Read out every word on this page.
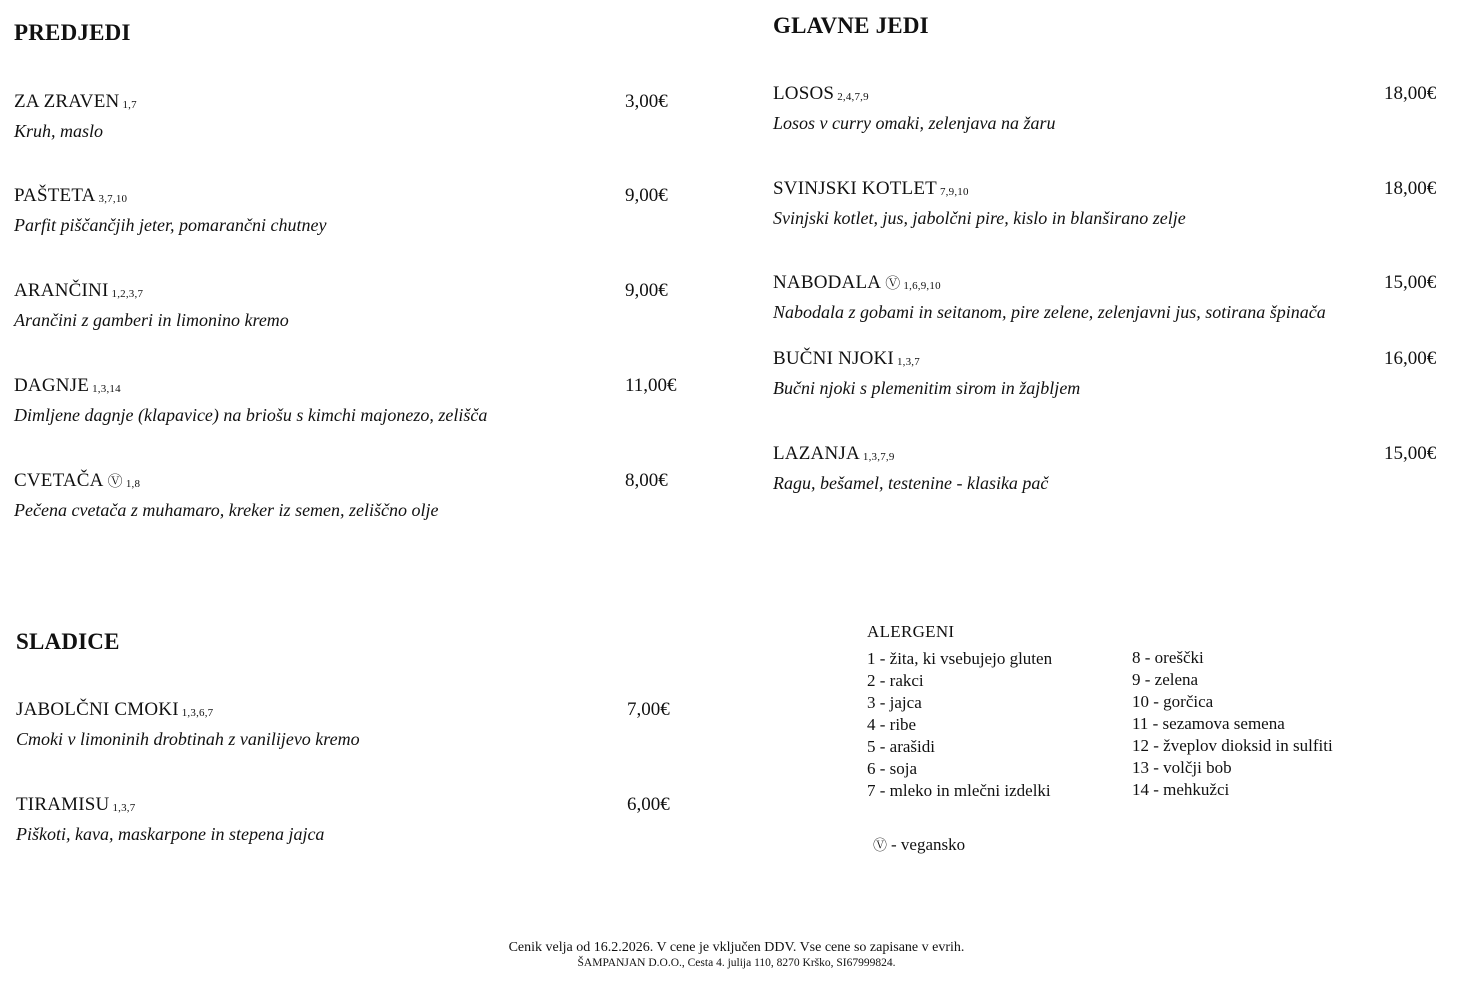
PREDJEDI
ZA ZRAVEN 1,7
Kruh, maslo
3,00€
PAŠTETA 3,7,10
Parfit piščančjih jeter, pomarančni chutney
9,00€
ARANČINI 1,2,3,7
Arančini z gamberi in limonino kremo
9,00€
DAGNJE 1,3,14
Dimljene dagnje (klapavice) na briošu s kimchi majonezo, zelišča
11,00€
CVETAČA Ⓥ 1,8
Pečena cvetača z muhamaro, kreker iz semen, zeliščno olje
8,00€
GLAVNE JEDI
LOSOS 2,4,7,9
Losos v curry omaki, zelenjava na žaru
18,00€
SVINJSKI KOTLET 7,9,10
Svinjski kotlet, jus, jabolčni pire, kislo in blanširano zelje
18,00€
NABODALA Ⓥ 1,6,9,10
Nabodala z gobami in seitanom, pire zelene, zelenjavni jus, sotirana špinača
15,00€
BUČNI NJOKI 1,3,7
Bučni njoki s plemenitim sirom in žajbljem
16,00€
LAZANJA 1,3,7,9
Ragu, bešamel, testenine - klasika pač
15,00€
SLADICE
JABOLČNI CMOKI 1,3,6,7
Cmoki v limoninih drobtinah z vanilijevo kremo
7,00€
TIRAMISU 1,3,7
Piškoti, kava, maskarpone in stepena jajca
6,00€
ALERGENI
1 - žita, ki vsebujejo gluten
2 - rakci
3 - jajca
4 - ribe
5 - arašidi
6 - soja
7 - mleko in mlečni izdelki
8 - oreščki
9 - zelena
10 - gorčica
11 - sezamova semena
12 - žveplov dioksid in sulfiti
13 - volčji bob
14 - mehkužci
Ⓥ - vegansko
Cenik velja od 16.2.2026. V cene je vključen DDV. Vse cene so zapisane v evrih.
ŠAMPANJAN D.O.O., Cesta 4. julija 110, 8270 Krško, SI67999824.
